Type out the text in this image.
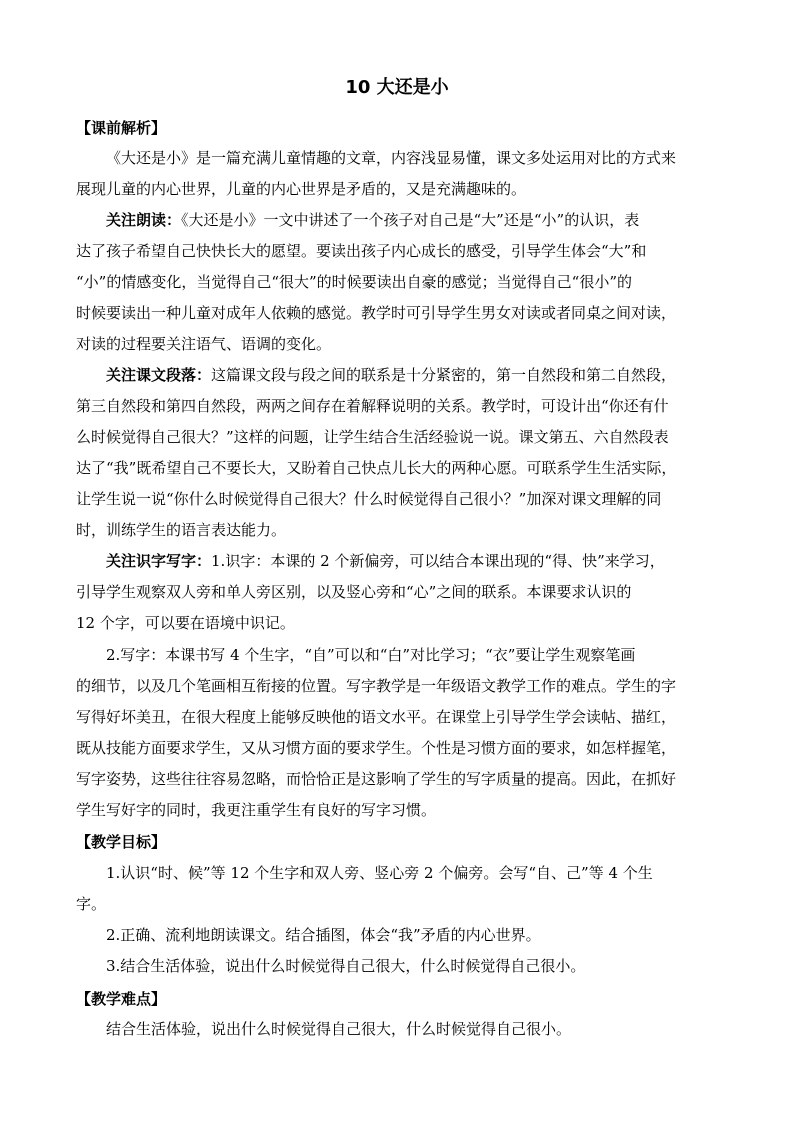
10 大还是小
【课前解析】
《大还是小》是一篇充满儿童情趣的文章，内容浅显易懂，课文多处运用对比的方式来
展现儿童的内心世界，儿童的内心世界是矛盾的，又是充满趣味的。
关注朗读：《大还是小》一文中讲述了一个孩子对自己是“大”还是“小”的认识，表
达了孩子希望自己快快长大的愿望。要读出孩子内心成长的感受，引导学生体会“大”和
“小”的情感变化，当觉得自己“很大”的时候要读出自豪的感觉；当觉得自己“很小”的
时候要读出一种儿童对成年人依赖的感觉。教学时可引导学生男女对读或者同桌之间对读，
对读的过程要关注语气、语调的变化。
关注课文段落：这篇课文段与段之间的联系是十分紧密的，第一自然段和第二自然段，
第三自然段和第四自然段，两两之间存在着解释说明的关系。教学时，可设计出“你还有什
么时候觉得自己很大？”这样的问题，让学生结合生活经验说一说。课文第五、六自然段表
达了“我”既希望自己不要长大，又盼着自己快点儿长大的两种心愿。可联系学生生活实际，
让学生说一说“你什么时候觉得自己很大？什么时候觉得自己很小？”加深对课文理解的同
时，训练学生的语言表达能力。
关注识字写字：1.识字：本课的 2 个新偏旁，可以结合本课出现的“得、快”来学习，
引导学生观察双人旁和单人旁区别，以及竖心旁和“心”之间的联系。本课要求认识的
12 个字，可以要在语境中识记。
2.写字：本课书写 4 个生字，“自”可以和“白”对比学习；“衣”要让学生观察笔画
的细节，以及几个笔画相互衔接的位置。写字教学是一年级语文教学工作的难点。学生的字
写得好坏美丑，在很大程度上能够反映他的语文水平。在课堂上引导学生学会读帖、描红，
既从技能方面要求学生，又从习惯方面的要求学生。个性是习惯方面的要求，如怎样握笔，
写字姿势，这些往往容易忽略，而恰恰正是这影响了学生的写字质量的提高。因此，在抓好
学生写好字的同时，我更注重学生有良好的写字习惯。
【教学目标】
1.认识“时、候”等 12 个生字和双人旁、竖心旁 2 个偏旁。会写“自、己”等 4 个生
字。
2.正确、流利地朗读课文。结合插图，体会“我”矛盾的内心世界。
3.结合生活体验，说出什么时候觉得自己很大，什么时候觉得自己很小。
【教学难点】
结合生活体验，说出什么时候觉得自己很大，什么时候觉得自己很小。
